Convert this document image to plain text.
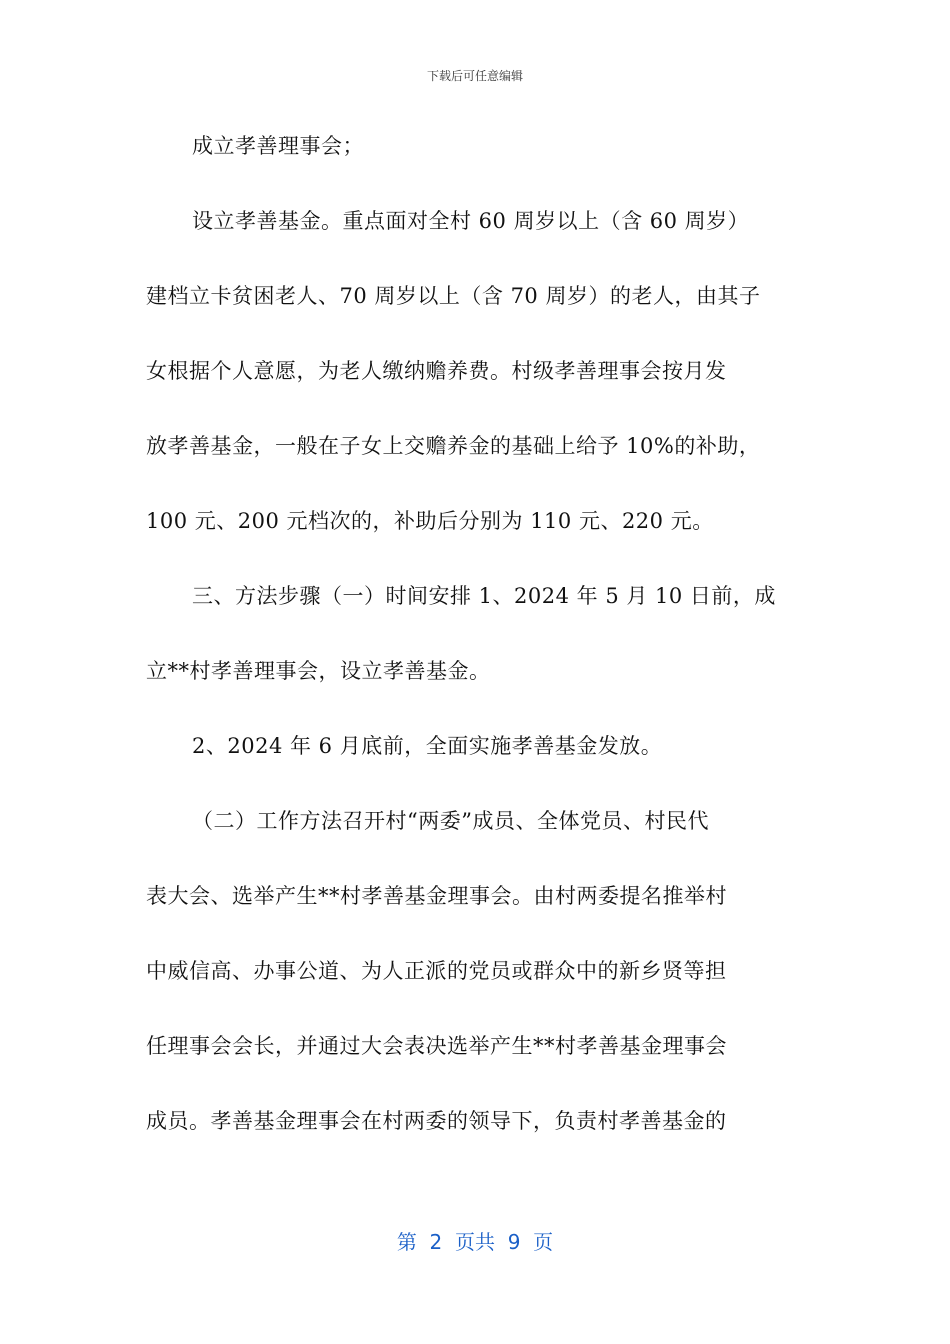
下载后可任意编辑
成立孝善理事会；
设立孝善基金。重点面对全村 60 周岁以上（含 60 周岁）
建档立卡贫困老人、70 周岁以上（含 70 周岁）的老人，由其子
女根据个人意愿，为老人缴纳赡养费。村级孝善理事会按月发
放孝善基金，一般在子女上交赡养金的基础上给予 10%的补助，
100 元、200 元档次的，补助后分别为 110 元、220 元。
三、方法步骤（一）时间安排 1、2024 年 5 月 10 日前，成
立**村孝善理事会，设立孝善基金。
2、2024 年 6 月底前，全面实施孝善基金发放。
（二）工作方法召开村“两委”成员、全体党员、村民代
表大会、选举产生**村孝善基金理事会。由村两委提名推举村
中威信高、办事公道、为人正派的党员或群众中的新乡贤等担
任理事会会长，并通过大会表决选举产生**村孝善基金理事会
成员。孝善基金理事会在村两委的领导下，负责村孝善基金的
第  2  页共  9  页
